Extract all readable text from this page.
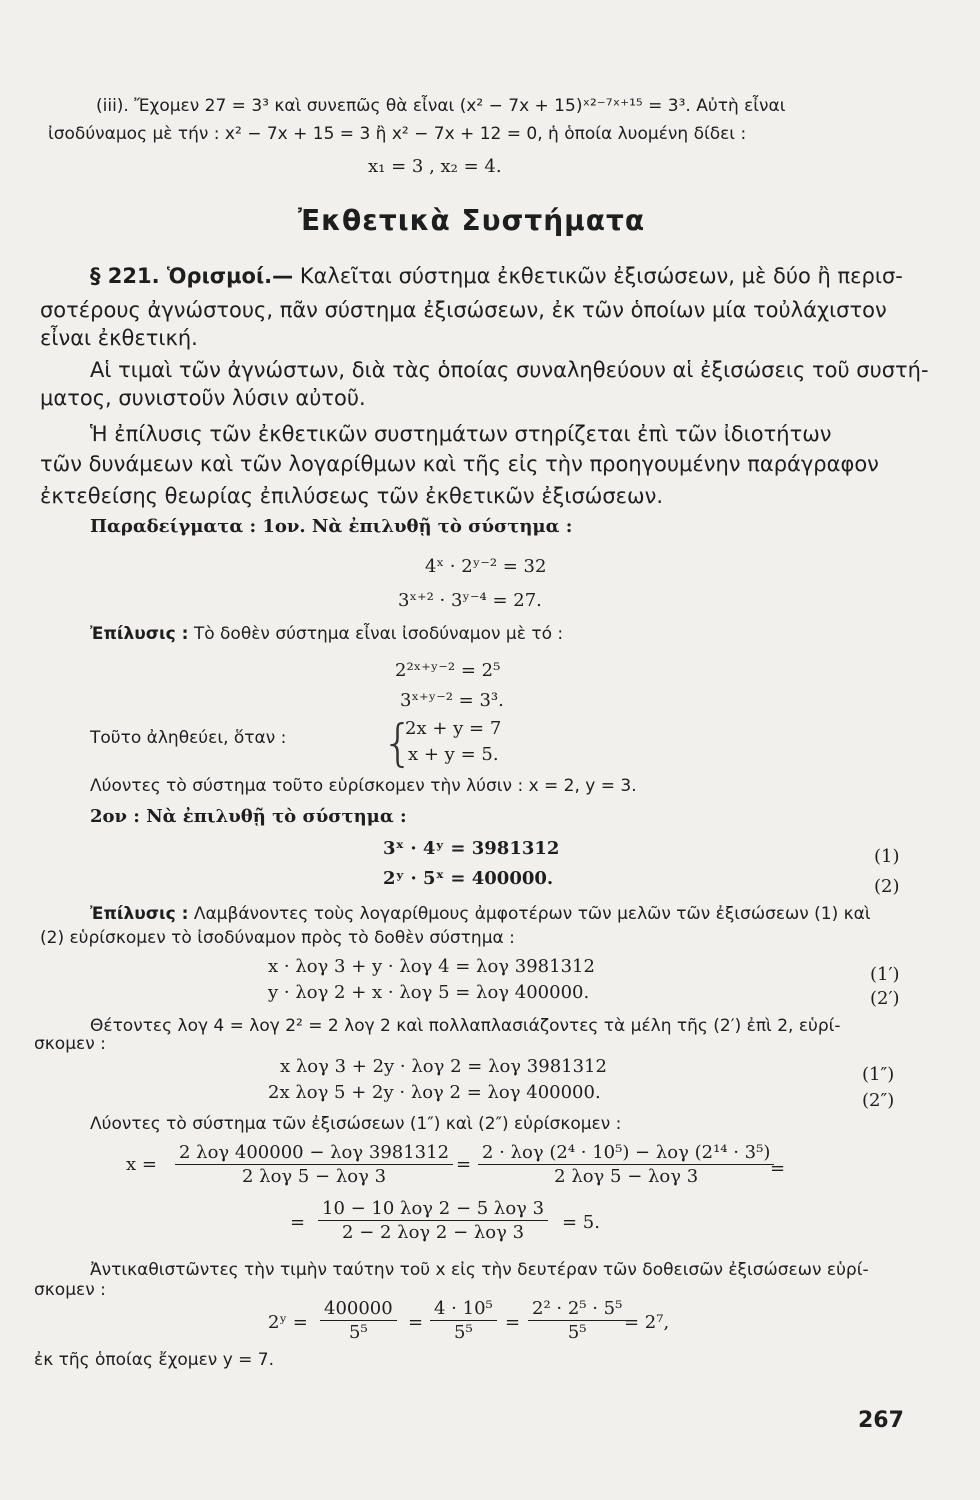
(iii). Ἔχομεν 27 = 3³ καὶ συνεπῶς θὰ εἶναι (x² − 7x + 15)ˣ²⁻⁷ˣ⁺¹⁵ = 3³. Αὐτὴ εἶναι
ἰσοδύναμος μὲ τήν : x² − 7x + 15 = 3 ἢ x² − 7x + 12 = 0, ἡ ὁποία λυομένη δίδει :
x₁ = 3 , x₂ = 4.
Ἐκθετικὰ Συστήματα
§ 221. Ὁρισμοί.— Καλεῖται σύστημα ἐκθετικῶν ἐξισώσεων, μὲ δύο ἢ περισ-
σοτέρους ἀγνώστους, πᾶν σύστημα ἐξισώσεων, ἐκ τῶν ὁποίων μία τοὐλάχιστον
εἶναι ἐκθετική.
Αἱ τιμαὶ τῶν ἀγνώστων, διὰ τὰς ὁποίας συναληθεύουν αἱ ἐξισώσεις τοῦ συστή-
ματος, συνιστοῦν λύσιν αὐτοῦ.
Ἡ ἐπίλυσις τῶν ἐκθετικῶν συστημάτων στηρίζεται ἐπὶ τῶν ἰδιοτήτων
τῶν δυνάμεων καὶ τῶν λογαρίθμων καὶ τῆς εἰς τὴν προηγουμένην παράγραφον
ἐκτεθείσης θεωρίας ἐπιλύσεως τῶν ἐκθετικῶν ἐξισώσεων.
Παραδείγματα : 1ον. Νὰ ἐπιλυθῇ τὸ σύστημα :
4ˣ · 2ʸ⁻² = 32
3ˣ⁺² · 3ʸ⁻⁴ = 27.
Ἐπίλυσις : Τὸ δοθὲν σύστημα εἶναι ἰσοδύναμον μὲ τό :
2²ˣ⁺ʸ⁻² = 2⁵
3ˣ⁺ʸ⁻² = 3³.
Τοῦτο ἀληθεύει, ὅταν : {
2x + y = 7
x + y = 5.
Λύοντες τὸ σύστημα τοῦτο εὑρίσκομεν τὴν λύσιν : x = 2, y = 3.
2ον : Νὰ ἐπιλυθῇ τὸ σύστημα :
3ˣ · 4ʸ = 3981312	(1)
2ʸ · 5ˣ = 400000.	(2)
Ἐπίλυσις : Λαμβάνοντες τοὺς λογαρίθμους ἀμφοτέρων τῶν μελῶν τῶν ἐξισώσεων (1) καὶ
(2) εὑρίσκομεν τὸ ἰσοδύναμον πρὸς τὸ δοθὲν σύστημα :
x · λογ 3 + y · λογ 4 = λογ 3981312	(1′)
y · λογ 2 + x · λογ 5 = λογ 400000.	(2′)
Θέτοντες λογ 4 = λογ 2² = 2 λογ 2 καὶ πολλαπλασιάζοντες τὰ μέλη τῆς (2′) ἐπὶ 2, εὑρί-
σκομεν :
x λογ 3 + 2y · λογ 2 = λογ 3981312	(1″)
2x λογ 5 + 2y · λογ 2 = λογ 400000.	(2″)
Λύοντες τὸ σύστημα τῶν ἐξισώσεων (1″) καὶ (2″) εὑρίσκομεν :
$x = \frac{\text{2 λογ 400000 − λογ 3981312}}{\text{2 λογ 5 − λογ 3}} = \frac{\text{2 · λογ (2⁴ · 10⁵) − λογ (2¹⁴ · 3⁵)}}{\text{2 λογ 5 − λογ 3}}$
=
= $\frac{\text{10 − 10 λογ 2 − 5 λογ 3}}{\text{2 − 2 λογ 2 − λογ 3}} = 5$.
Ἀντικαθιστῶντες τὴν τιμὴν ταύτην τοῦ x εἰς τὴν δευτέραν τῶν δοθεισῶν ἐξισώσεων εὑρί-
σκομεν :
2ʸ = $\frac{400000}{\text{5⁵}} = \frac{\text{4 · 10⁵}}{\text{5⁵}} = \frac{\text{2² · 2⁵ · 5⁵}}{\text{5⁵}}$
= 2⁷,
ἐκ τῆς ὁποίας ἔχομεν y = 7.
267
